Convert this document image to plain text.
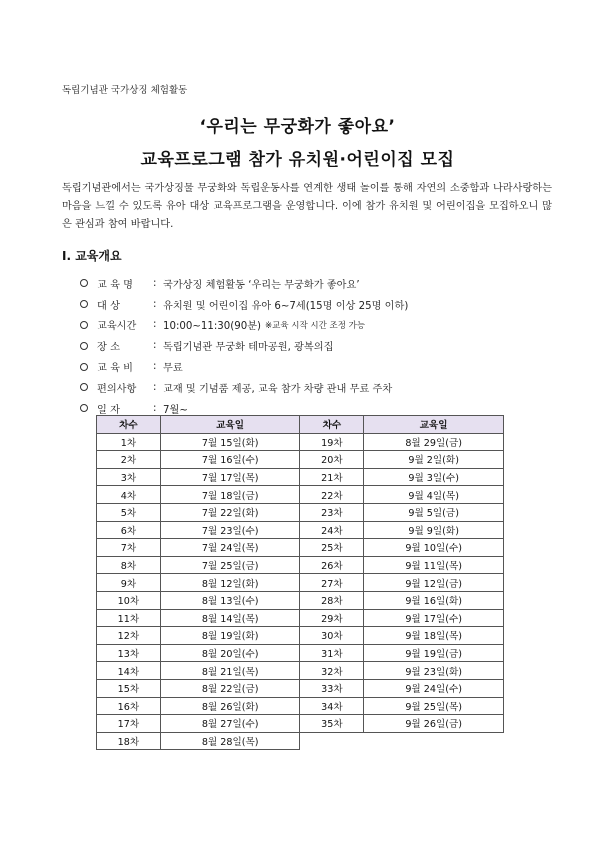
독립기념관 국가상징 체험활동
‘우리는 무궁화가 좋아요’
교육프로그램 참가 유치원·어린이집 모집
독립기념관에서는 국가상징물 무궁화와 독립운동사를 연계한 생태 놀이를 통해 자연의 소중함과 나라사랑하는 마음을 느낄 수 있도록 유아 대상 교육프로그램을 운영합니다. 이에 참가 유치원 및 어린이집을 모집하오니 많은 관심과 참여 바랍니다.
Ⅰ. 교육개요
교 육 명	: 국가상징 체험활동 ‘우리는 무궁화가 좋아요’
대 상	: 유치원 및 어린이집 유아 6~7세(15명 이상 25명 이하)
교육시간	: 10:00~11:30(90분) ※교육 시작 시간 조정 가능
장 소	: 독립기념관 무궁화 테마공원, 광복의집
교 육 비	: 무료
편의사항	: 교재 및 기념품 제공, 교육 참가 차량 관내 무료 주차
일 자	: 7월~
차수	교육일	차수	교육일
1차	7월 15일(화)	19차	8월 29일(금)
2차	7월 16일(수)	20차	9월 2일(화)
3차	7월 17일(목)	21차	9월 3일(수)
4차	7월 18일(금)	22차	9월 4일(목)
5차	7월 22일(화)	23차	9월 5일(금)
6차	7월 23일(수)	24차	9월 9일(화)
7차	7월 24일(목)	25차	9월 10일(수)
8차	7월 25일(금)	26차	9월 11일(목)
9차	8월 12일(화)	27차	9월 12일(금)
10차	8월 13일(수)	28차	9월 16일(화)
11차	8월 14일(목)	29차	9월 17일(수)
12차	8월 19일(화)	30차	9월 18일(목)
13차	8월 20일(수)	31차	9월 19일(금)
14차	8월 21일(목)	32차	9월 23일(화)
15차	8월 22일(금)	33차	9월 24일(수)
16차	8월 26일(화)	34차	9월 25일(목)
17차	8월 27일(수)	35차	9월 26일(금)
18차	8월 28일(목)		
